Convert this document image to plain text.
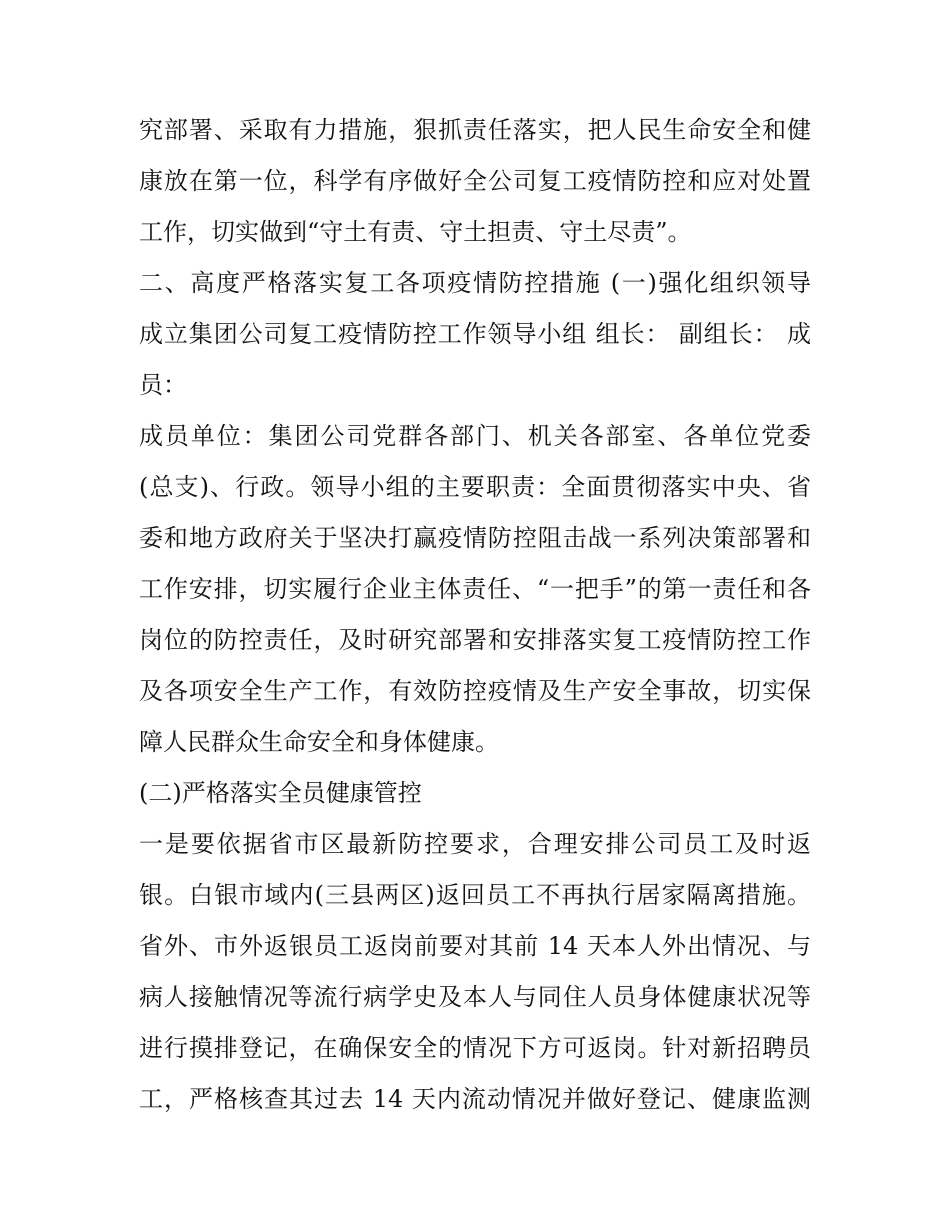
究部署、采取有力措施，狠抓责任落实，把人民生命安全和健
康放在第一位，科学有序做好全公司复工疫情防控和应对处置
工作，切实做到“守土有责、守土担责、守土尽责”。
二、高度严格落实复工各项疫情防控措施 (一)强化组织领导
成立集团公司复工疫情防控工作领导小组 组长： 副组长： 成
员：
成员单位：集团公司党群各部门、机关各部室、各单位党委
(总支)、行政。领导小组的主要职责：全面贯彻落实中央、省
委和地方政府关于坚决打赢疫情防控阻击战一系列决策部署和
工作安排，切实履行企业主体责任、“一把手”的第一责任和各
岗位的防控责任，及时研究部署和安排落实复工疫情防控工作
及各项安全生产工作，有效防控疫情及生产安全事故，切实保
障人民群众生命安全和身体健康。
(二)严格落实全员健康管控
一是要依据省市区最新防控要求，合理安排公司员工及时返
银。白银市域内(三县两区)返回员工不再执行居家隔离措施。
省外、市外返银员工返岗前要对其前 14 天本人外出情况、与
病人接触情况等流行病学史及本人与同住人员身体健康状况等
进行摸排登记，在确保安全的情况下方可返岗。针对新招聘员
工，严格核查其过去 14 天内流动情况并做好登记、健康监测
